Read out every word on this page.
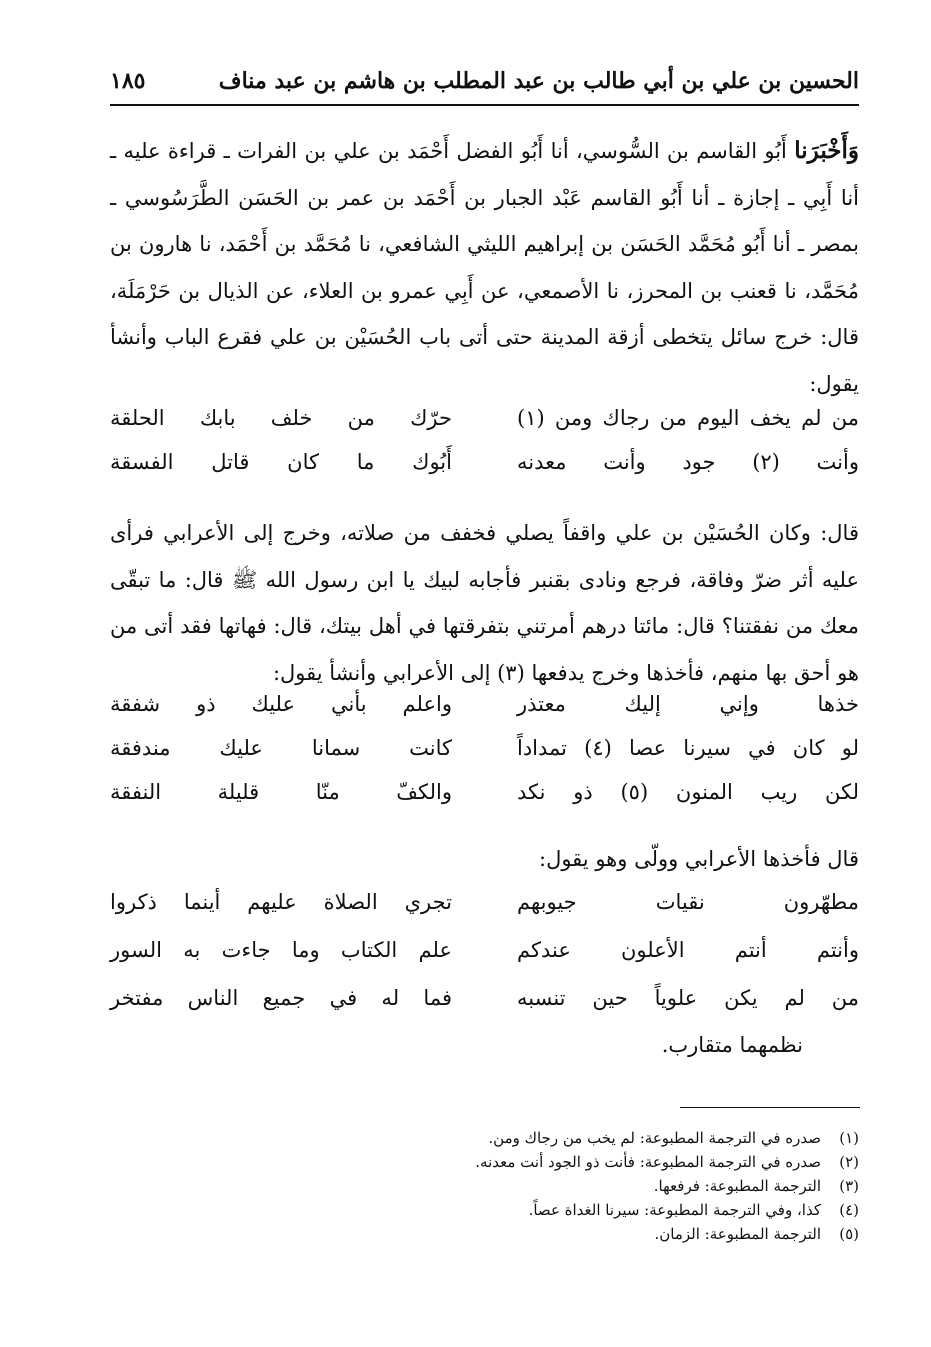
الحسين بن علي بن أبي طالب بن عبد المطلب بن هاشم بن عبد مناف
١٨٥

وَأَخْبَرَنا أَبُو القاسم بن السُّوسي، أنا أَبُو الفضل أَحْمَد بن علي بن الفرات ـ قراءة عليه ـ أنا أَبِي ـ إجازة ـ أنا أَبُو القاسم عَبْد الجبار بن أَحْمَد بن عمر بن الحَسَن الطَّرَسُوسي ـ بمصر ـ أنا أَبُو مُحَمَّد الحَسَن بن إبراهيم الليثي الشافعي، نا مُحَمَّد بن أَحْمَد، نا هارون بن مُحَمَّد، نا قعنب بن المحرز، نا الأصمعي، عن أَبِي عمرو بن العلاء، عن الذيال بن حَرْمَلَة، قال: خرج سائل يتخطى أزقة المدينة حتى أتى باب الحُسَيْن بن علي فقرع الباب وأنشأ يقول:

من لم يخف اليوم من رجاك ومن (١)
حرّك من خلف بابك الحلقة
وأنت (٢) جود وأنت معدنه
أَبُوك ما كان قاتل الفسقة

قال: وكان الحُسَيْن بن علي واقفاً يصلي فخفف من صلاته، وخرج إلى الأعرابي فرأى عليه أثر ضرّ وفاقة، فرجع ونادى بقنبر فأجابه لبيك يا ابن رسول الله ﷺ قال: ما تبقّى معك من نفقتنا؟ قال: مائتا درهم أمرتني بتفرقتها في أهل بيتك، قال: فهاتها فقد أتى من هو أحق بها منهم، فأخذها وخرج يدفعها (٣) إلى الأعرابي وأنشأ يقول:

خذها وإني إليك معتذر
واعلم بأني عليك ذو شفقة
لو كان في سيرنا عصا (٤) تمداداً
كانت سمانا عليك مندفقة
لكن ريب المنون (٥) ذو نكد
والكفّ منّا قليلة النفقة

قال فأخذها الأعرابي وولّى وهو يقول:

مطهّرون نقيات جيوبهم
تجري الصلاة عليهم أينما ذكروا
وأنتم أنتم الأعلون عندكم
علم الكتاب وما جاءت به السور
من لم يكن علوياً حين تنسبه
فما له في جميع الناس مفتخر

نظمهما متقارب.

(١)صدره في الترجمة المطبوعة: لم يخب من رجاك ومن.
(٢)صدره في الترجمة المطبوعة: فأنت ذو الجود أنت معدنه.
(٣)الترجمة المطبوعة: فرفعها.
(٤)كذا، وفي الترجمة المطبوعة: سيرنا الغداة عصاً.
(٥)الترجمة المطبوعة: الزمان.
